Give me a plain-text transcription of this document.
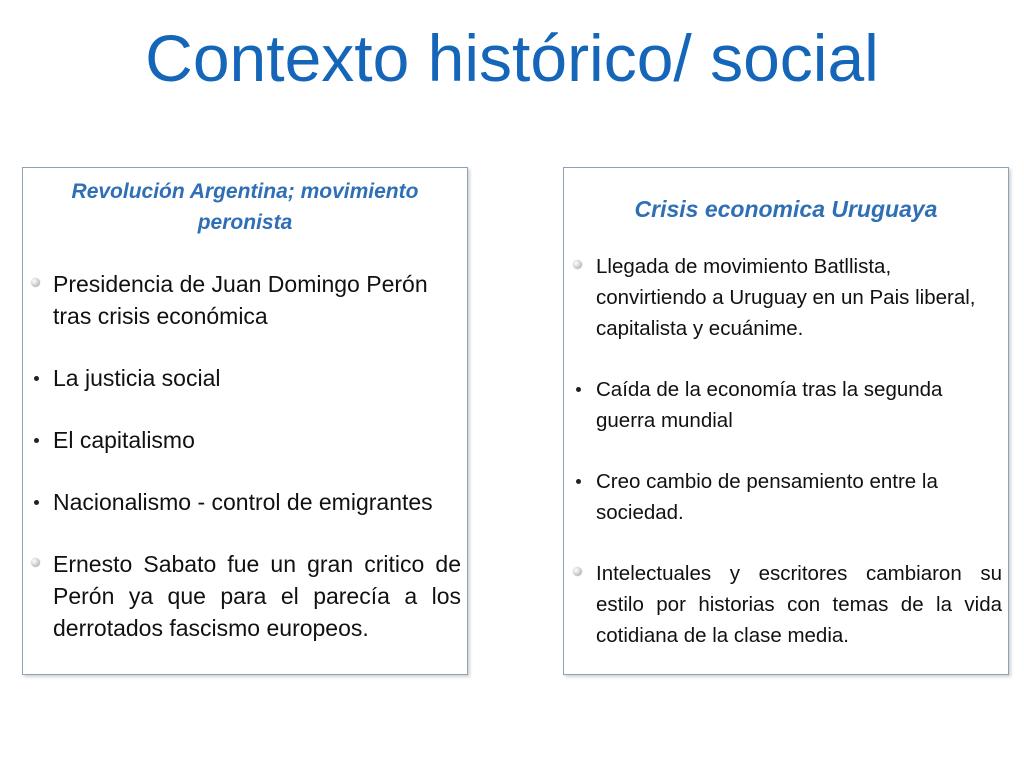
Contexto histórico/ social
Revolución Argentina; movimiento peronista
Presidencia de Juan Domingo Perón tras crisis económica
La justicia social
El capitalismo
Nacionalismo - control de emigrantes
Ernesto Sabato fue un gran critico de Perón ya que para el parecía a los derrotados fascismo europeos.
Crisis economica Uruguaya
Llegada de movimiento Batllista, convirtiendo a Uruguay en un Pais liberal, capitalista y ecuánime.
Caída de la economía tras la segunda guerra mundial
Creo cambio de pensamiento entre la sociedad.
Intelectuales y escritores cambiaron su estilo por historias con temas de la vida cotidiana de la clase media.
